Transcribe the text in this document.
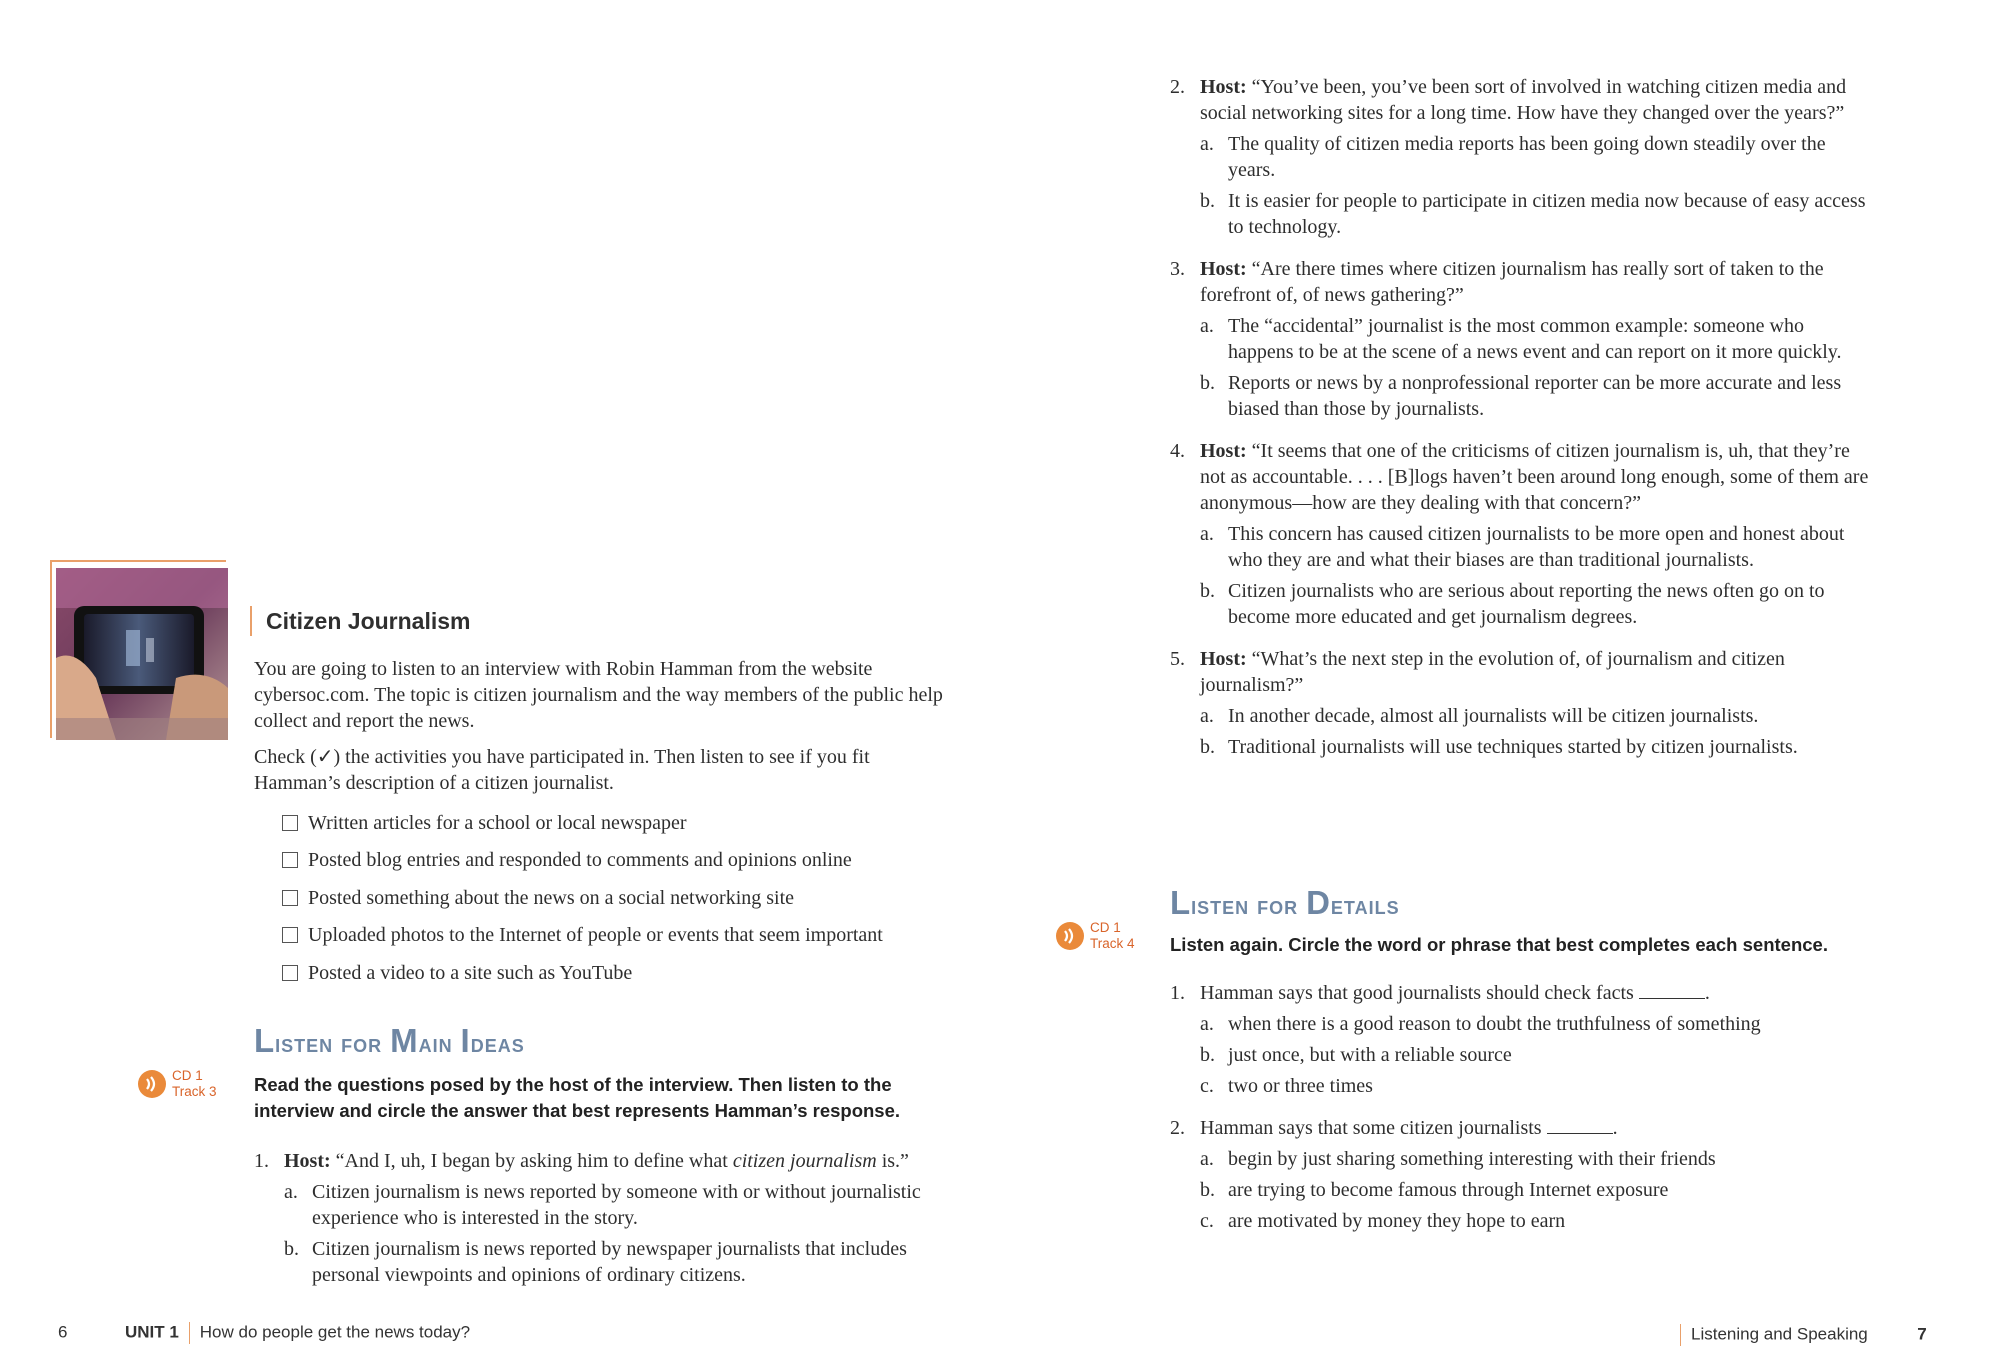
Citizen Journalism
You are going to listen to an interview with Robin Hamman from the website cybersoc.com. The topic is citizen journalism and the way members of the public help collect and report the news.
Check (✓) the activities you have participated in. Then listen to see if you fit Hamman’s description of a citizen journalist.
Written articles for a school or local newspaper
Posted blog entries and responded to comments and opinions online
Posted something about the news on a social networking site
Uploaded photos to the Internet of people or events that seem important
Posted a video to a site such as YouTube
Listen for Main Ideas
CD 1
Track 3 Read the questions posed by the host of the interview. Then listen to the interview and circle the answer that best represents Hamman’s response.
1. Host: “And I, uh, I began by asking him to define what citizen journalism is.”
a. Citizen journalism is news reported by someone with or without journalistic experience who is interested in the story.
b. Citizen journalism is news reported by newspaper journalists that includes personal viewpoints and opinions of ordinary citizens.
6	UNIT 1 How do people get the news today?
2. Host: “You’ve been, you’ve been sort of involved in watching citizen media and social networking sites for a long time. How have they changed over the years?”
a. The quality of citizen media reports has been going down steadily over the years.
b. It is easier for people to participate in citizen media now because of easy access to technology.
3. Host: “Are there times where citizen journalism has really sort of taken to the forefront of, of news gathering?”
a. The “accidental” journalist is the most common example: someone who happens to be at the scene of a news event and can report on it more quickly.
b. Reports or news by a nonprofessional reporter can be more accurate and less biased than those by journalists.
4. Host: “It seems that one of the criticisms of citizen journalism is, uh, that they’re not as accountable. . . . [B]logs haven’t been around long enough, some of them are anonymous—how are they dealing with that concern?”
a. This concern has caused citizen journalists to be more open and honest about who they are and what their biases are than traditional journalists.
b. Citizen journalists who are serious about reporting the news often go on to become more educated and get journalism degrees.
5. Host: “What’s the next step in the evolution of, of journalism and citizen journalism?”
a. In another decade, almost all journalists will be citizen journalists.
b. Traditional journalists will use techniques started by citizen journalists.
Listen for Details
CD 1
Track 4 Listen again. Circle the word or phrase that best completes each sentence.
1. Hamman says that good journalists should check facts	.
a. when there is a good reason to doubt the truthfulness of something
b. just once, but with a reliable source
c. two or three times
2. Hamman says that some citizen journalists	.
a. begin by just sharing something interesting with their friends
b. are trying to become famous through Internet exposure
c. are motivated by money they hope to earn
Listening and Speaking	7
